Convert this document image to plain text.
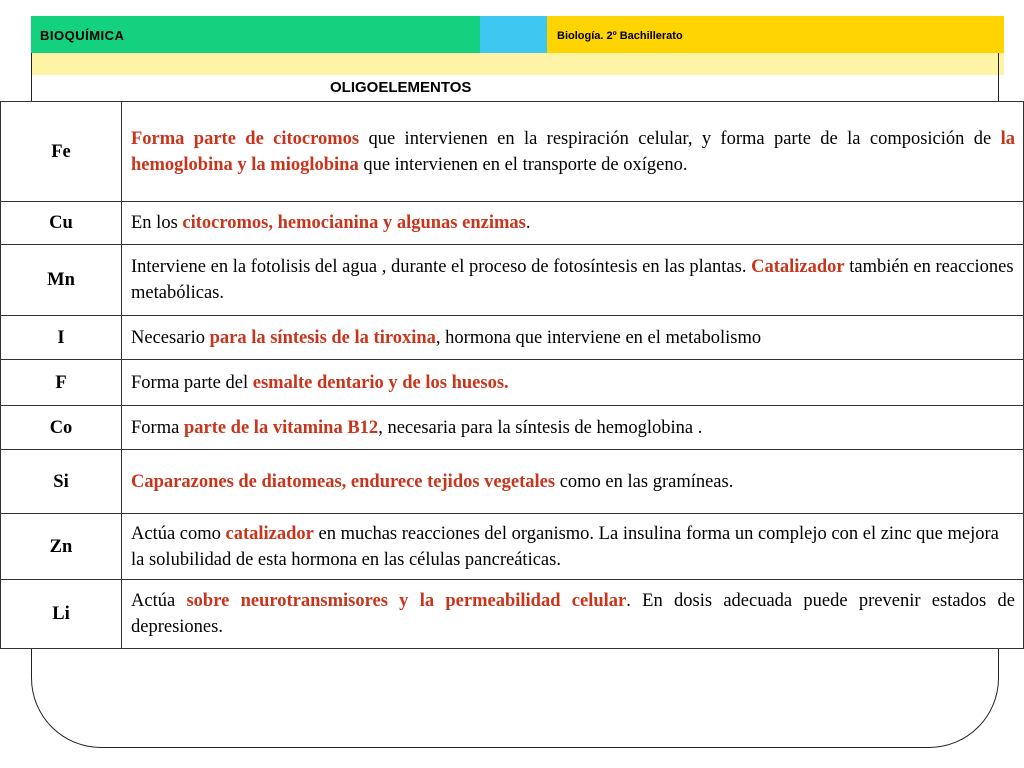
BIOQUÍMICA	Biología. 2º Bachillerato
OLIGOELEMENTOS
Fe	Forma parte de citocromos que intervienen en la respiración celular, y forma parte de la composición de la hemoglobina y la mioglobina que intervienen en el transporte de oxígeno.
Cu	En los citocromos, hemocianina y algunas enzimas.
Mn	Interviene en la fotolisis del agua , durante el proceso de fotosíntesis en las plantas. Catalizador también en reacciones metabólicas.
I	Necesario para la síntesis de la tiroxina, hormona que interviene en el metabolismo
F	Forma parte del esmalte dentario y de los huesos.
Co	Forma parte de la vitamina B12, necesaria para la síntesis de hemoglobina .
Si	Caparazones de diatomeas, endurece tejidos vegetales como en las gramíneas.
Zn	Actúa como catalizador en muchas reacciones del organismo. La insulina forma un complejo con el zinc que mejora la solubilidad de esta hormona en las células pancreáticas.
Li	Actúa sobre neurotransmisores y la permeabilidad celular. En dosis adecuada puede prevenir estados de depresiones.
